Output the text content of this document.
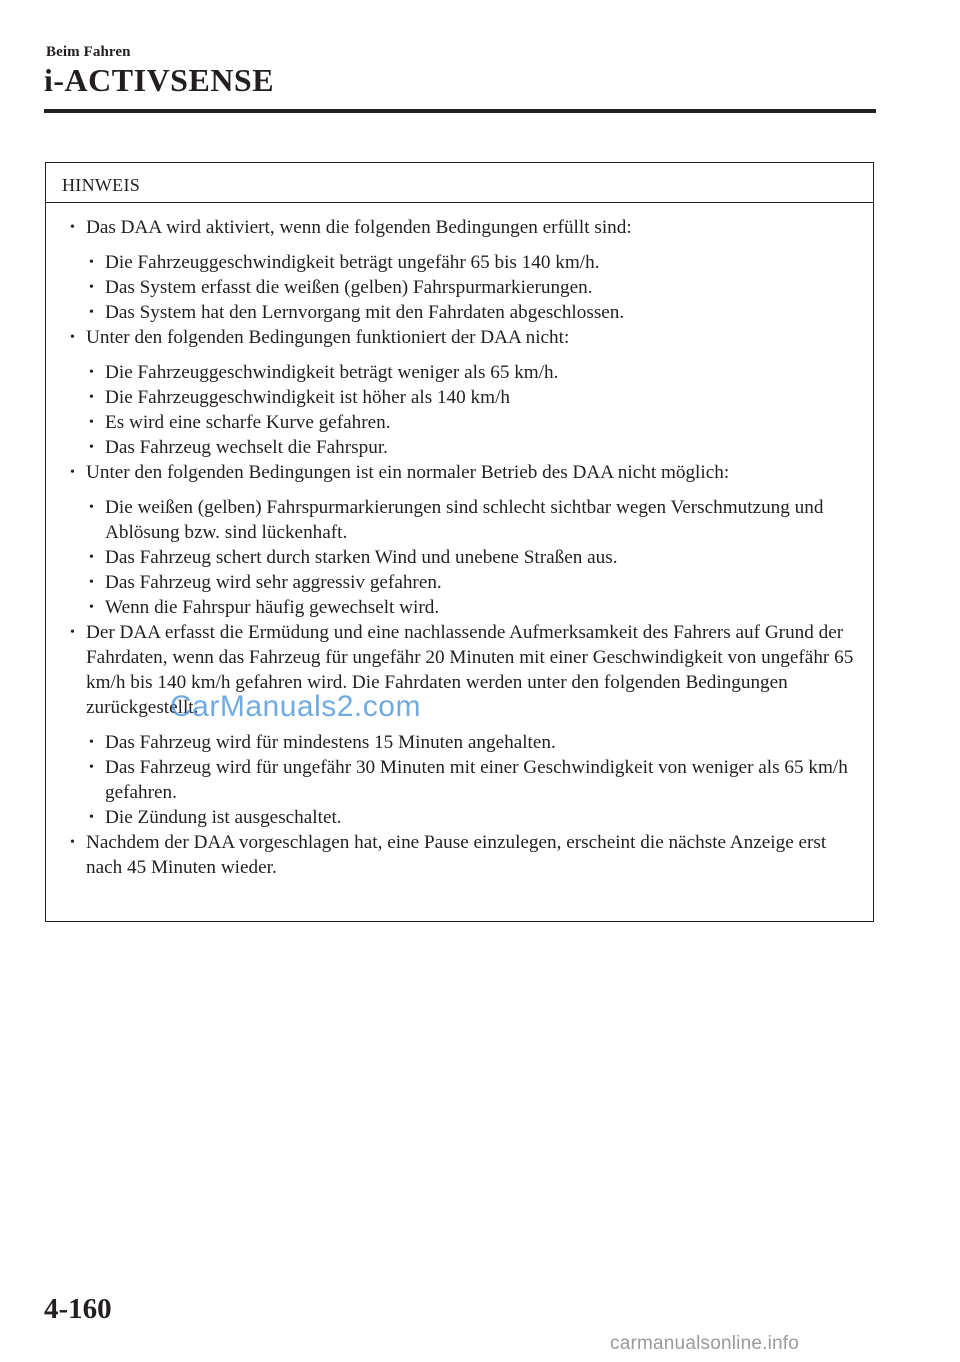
Beim Fahren
i-ACTIVSENSE
HINWEIS
• Das DAA wird aktiviert, wenn die folgenden Bedingungen erfüllt sind:
• Die Fahrzeuggeschwindigkeit beträgt ungefähr 65 bis 140 km/h.
• Das System erfasst die weißen (gelben) Fahrspurmarkierungen.
• Das System hat den Lernvorgang mit den Fahrdaten abgeschlossen.
• Unter den folgenden Bedingungen funktioniert der DAA nicht:
• Die Fahrzeuggeschwindigkeit beträgt weniger als 65 km/h.
• Die Fahrzeuggeschwindigkeit ist höher als 140 km/h
• Es wird eine scharfe Kurve gefahren.
• Das Fahrzeug wechselt die Fahrspur.
• Unter den folgenden Bedingungen ist ein normaler Betrieb des DAA nicht möglich:
• Die weißen (gelben) Fahrspurmarkierungen sind schlecht sichtbar wegen Verschmutzung und Ablösung bzw. sind lückenhaft.
• Das Fahrzeug schert durch starken Wind und unebene Straßen aus.
• Das Fahrzeug wird sehr aggressiv gefahren.
• Wenn die Fahrspur häufig gewechselt wird.
• Der DAA erfasst die Ermüdung und eine nachlassende Aufmerksamkeit des Fahrers auf Grund der Fahrdaten, wenn das Fahrzeug für ungefähr 20 Minuten mit einer Geschwindigkeit von ungefähr 65 km/h bis 140 km/h gefahren wird. Die Fahrdaten werden unter den folgenden Bedingungen zurückgestellt.
• Das Fahrzeug wird für mindestens 15 Minuten angehalten.
• Das Fahrzeug wird für ungefähr 30 Minuten mit einer Geschwindigkeit von weniger als 65 km/h gefahren.
• Die Zündung ist ausgeschaltet.
• Nachdem der DAA vorgeschlagen hat, eine Pause einzulegen, erscheint die nächste Anzeige erst nach 45 Minuten wieder.
CarManuals2.com
4-160
carmanualsonline.info
